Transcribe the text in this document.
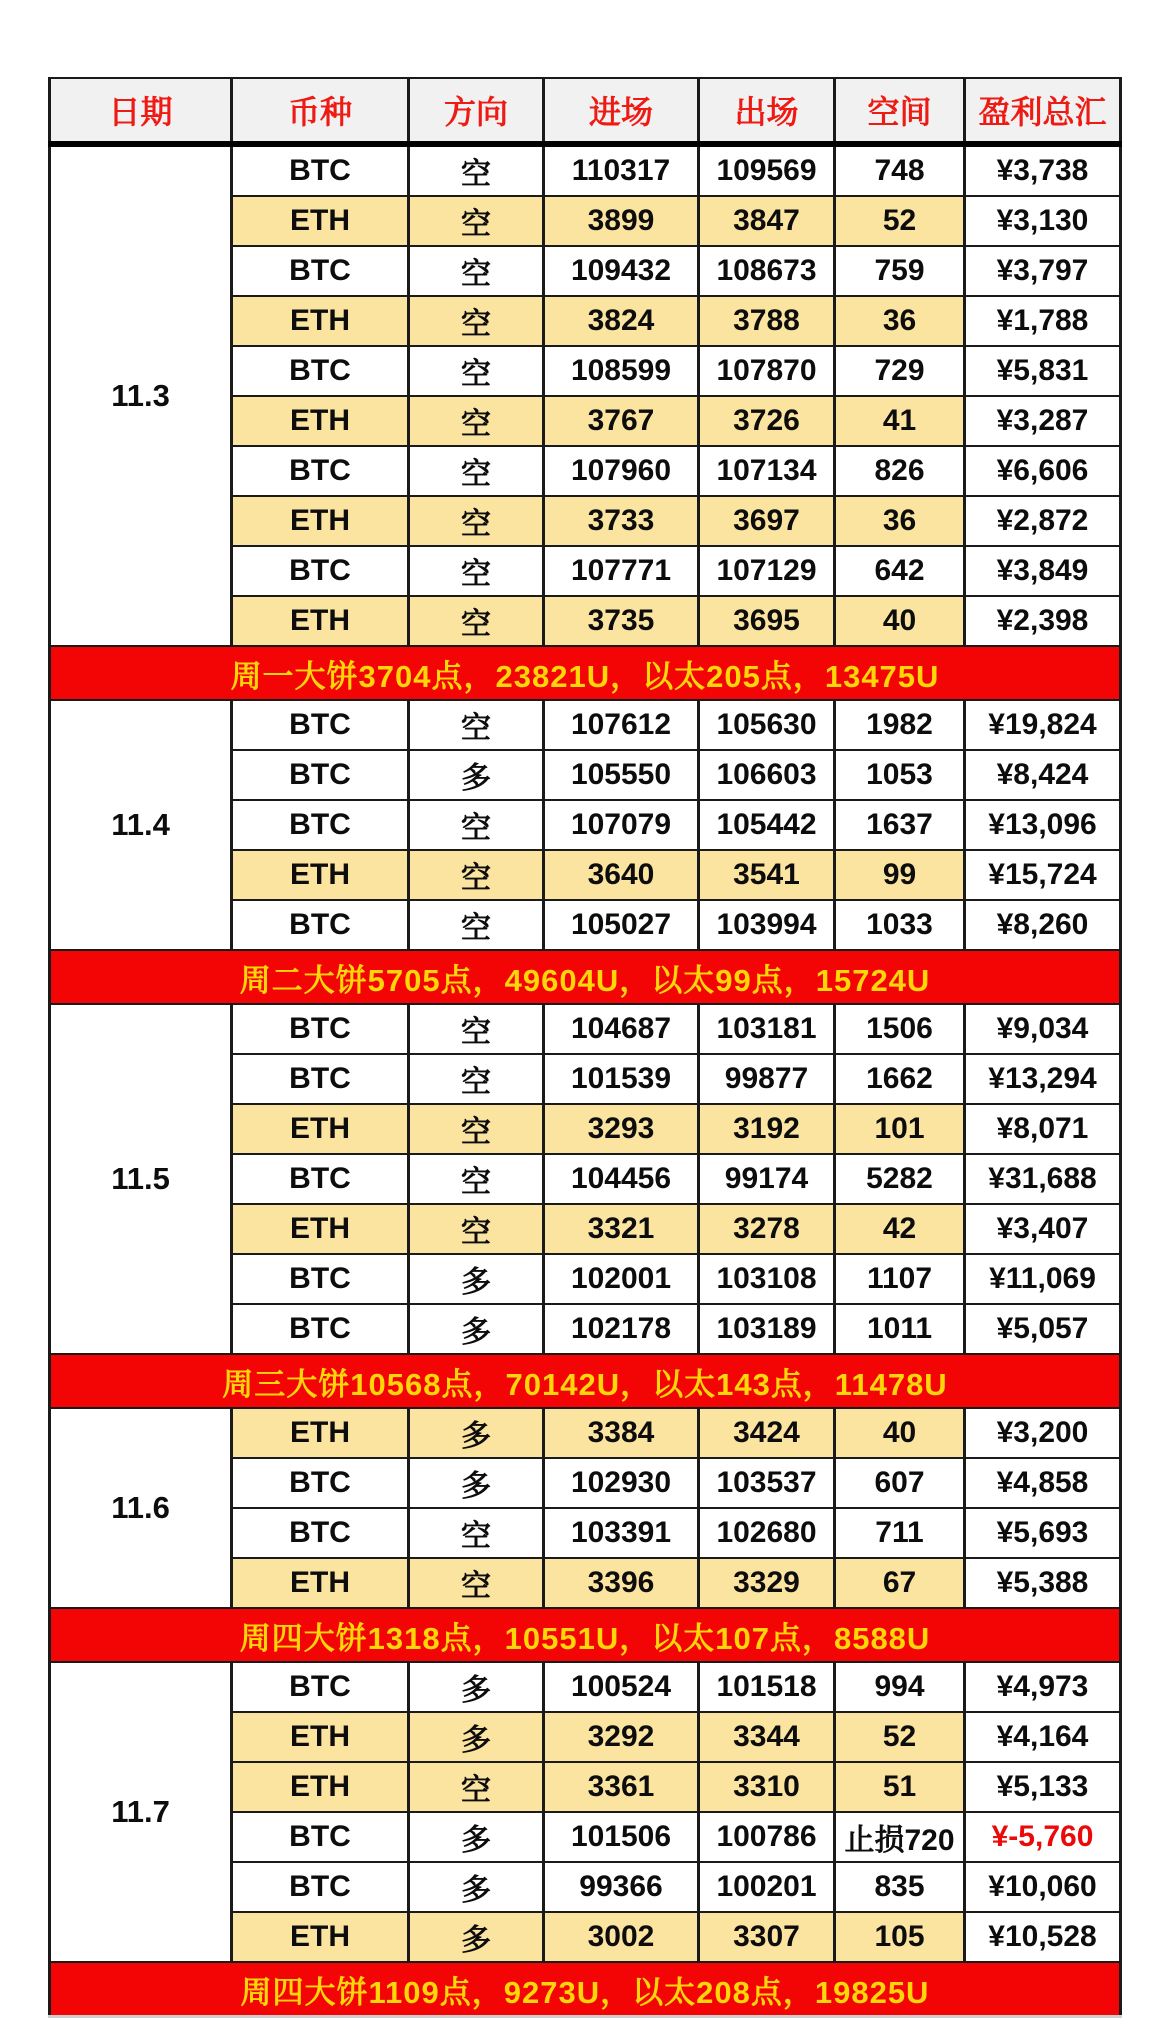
日期	币种	方向	进场	出场	空间	盈利总汇
11.3	BTC	空	110317	109569	748	¥3,738
	ETH	空	3899	3847	52	¥3,130
	BTC	空	109432	108673	759	¥3,797
	ETH	空	3824	3788	36	¥1,788
	BTC	空	108599	107870	729	¥5,831
	ETH	空	3767	3726	41	¥3,287
	BTC	空	107960	107134	826	¥6,606
	ETH	空	3733	3697	36	¥2,872
	BTC	空	107771	107129	642	¥3,849
	ETH	空	3735	3695	40	¥2,398
周一大饼3704点，23821U，以太205点，13475U						
11.4	BTC	空	107612	105630	1982	¥19,824
	BTC	多	105550	106603	1053	¥8,424
	BTC	空	107079	105442	1637	¥13,096
	ETH	空	3640	3541	99	¥15,724
	BTC	空	105027	103994	1033	¥8,260
周二大饼5705点，49604U，以太99点，15724U						
11.5	BTC	空	104687	103181	1506	¥9,034
	BTC	空	101539	99877	1662	¥13,294
	ETH	空	3293	3192	101	¥8,071
	BTC	空	104456	99174	5282	¥31,688
	ETH	空	3321	3278	42	¥3,407
	BTC	多	102001	103108	1107	¥11,069
	BTC	多	102178	103189	1011	¥5,057
周三大饼10568点，70142U，以太143点，11478U						
11.6	ETH	多	3384	3424	40	¥3,200
	BTC	多	102930	103537	607	¥4,858
	BTC	空	103391	102680	711	¥5,693
	ETH	空	3396	3329	67	¥5,388
周四大饼1318点，10551U，以太107点，8588U						
11.7	BTC	多	100524	101518	994	¥4,973
	ETH	多	3292	3344	52	¥4,164
	ETH	空	3361	3310	51	¥5,133
	BTC	多	101506	100786	止损720	¥-5,760
	BTC	多	99366	100201	835	¥10,060
	ETH	多	3002	3307	105	¥10,528
周四大饼1109点，9273U，以太208点，19825U						
